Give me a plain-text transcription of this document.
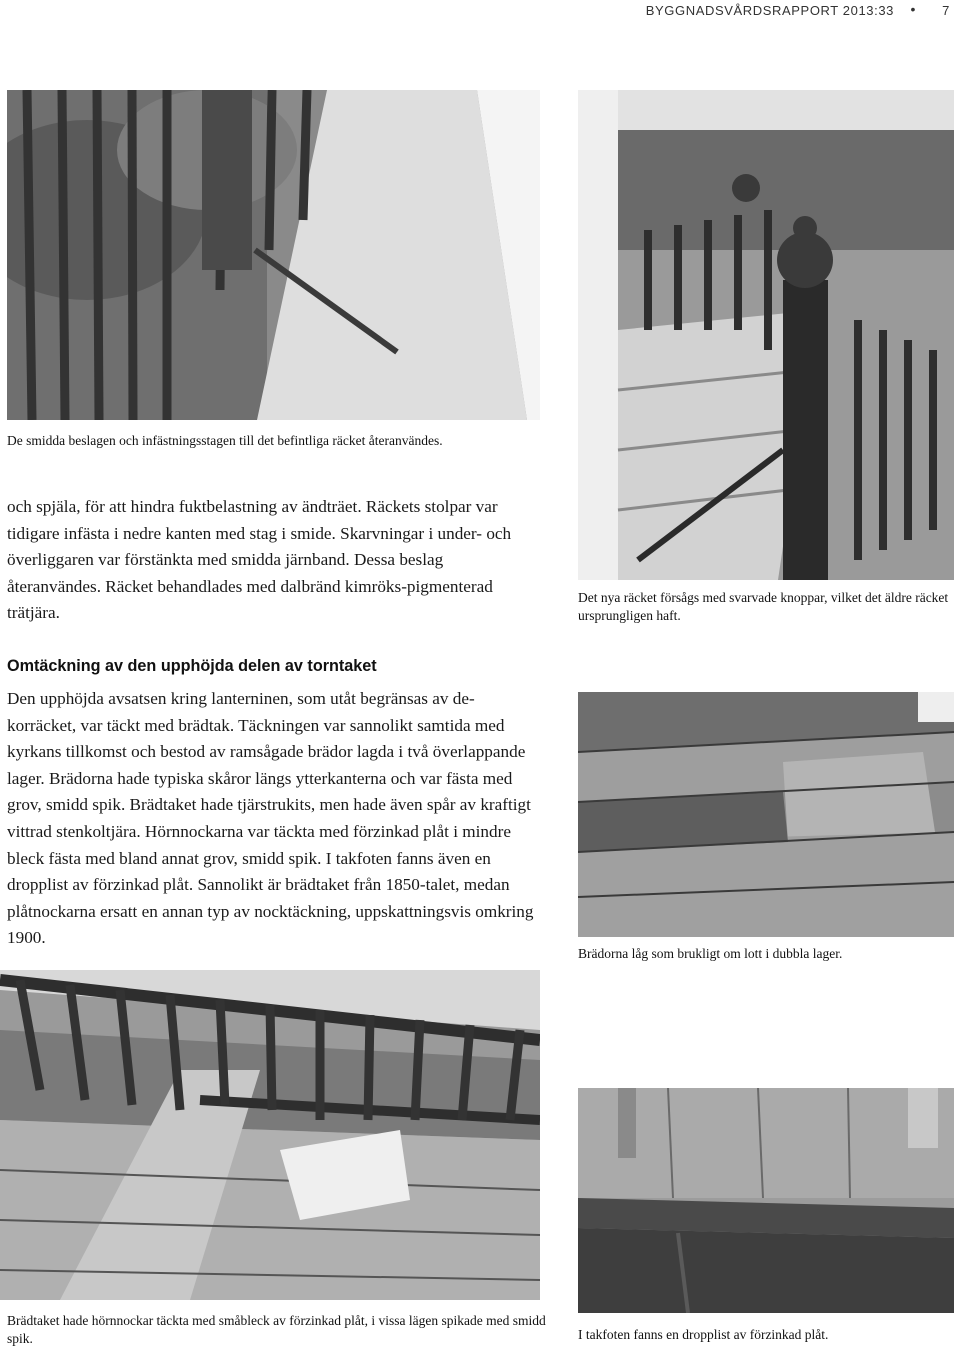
BYGGNADSVÅRDSRAPPORT 2013:33 • 7
De smidda beslagen och infästningsstagen till det befintliga räcket återanvändes.
Det nya räcket försågs med svarvade knoppar, vilket det äldre räcket ursprungligen haft.

och spjäla, för att hindra fuktbelastning av ändträet. Räckets stolpar var tidigare infästa i nedre kanten med stag i smide. Skarvningar i under- och överliggaren var förstänkta med smidda järnband. Dessa beslag återanvändes. Räcket behandlades med dalbränd kimröks-pigmenterad trätjära.

Omtäckning av den upphöjda delen av torntaket

Den upphöjda avsatsen kring lanterninen, som utåt begränsas av de-korräcket, var täckt med brädtak. Täckningen var sannolikt samtida med kyrkans tillkomst och bestod av ramsågade brädor lagda i två överlappande lager. Brädorna hade typiska skåror längs ytterkanterna och var fästa med grov, smidd spik. Brädtaket hade tjärstrukits, men hade även spår av kraftigt vittrad stenkoltjära. Hörnnockarna var täckta med förzinkad plåt i mindre bleck fästa med bland annat grov, smidd spik. I takfoten fanns även en dropplist av förzinkad plåt. Sannolikt är brädtaket från 1850-talet, medan plåtnockarna ersatt en annan typ av nocktäckning, uppskattningsvis omkring 1900.

Brädorna låg som brukligt om lott i dubbla lager.
Brädtaket hade hörnnockar täckta med småbleck av förzinkad plåt, i vissa lägen spikade med smidd spik.	I takfoten fanns en dropplist av förzinkad plåt.
